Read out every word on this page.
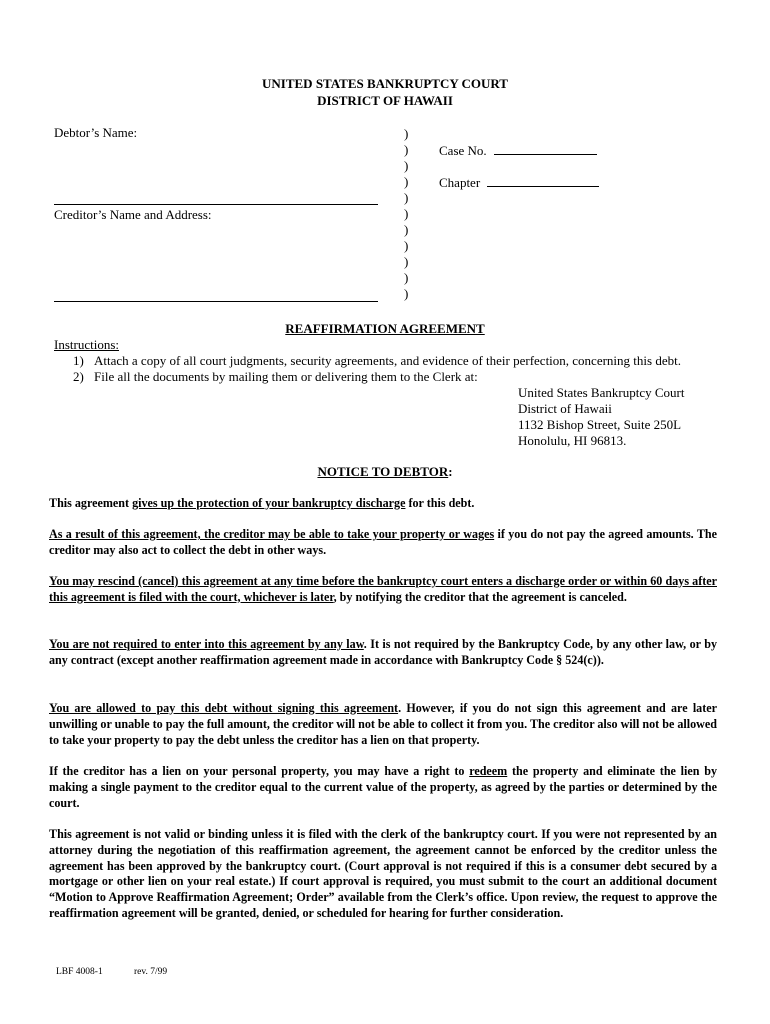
UNITED STATES BANKRUPTCY COURT
DISTRICT OF HAWAII
Debtor’s Name:
Creditor’s Name and Address:
)
)
)
)
)
)
)
)
)
)
)
Case No.
Chapter
REAFFIRMATION AGREEMENT
Instructions:
1) Attach a copy of all court judgments, security agreements, and evidence of their perfection, concerning this debt.
2) File all the documents by mailing them or delivering them to the Clerk at:
United States Bankruptcy Court
District of Hawaii
1132 Bishop Street, Suite 250L
Honolulu, HI 96813.
NOTICE TO DEBTOR:
This agreement gives up the protection of your bankruptcy discharge for this debt.
As a result of this agreement, the creditor may be able to take your property or wages if you do not pay the agreed amounts. The creditor may also act to collect the debt in other ways.
You may rescind (cancel) this agreement at any time before the bankruptcy court enters a discharge order or within 60 days after this agreement is filed with the court, whichever is later, by notifying the creditor that the agreement is canceled.
You are not required to enter into this agreement by any law. It is not required by the Bankruptcy Code, by any other law, or by any contract (except another reaffirmation agreement made in accordance with Bankruptcy Code § 524(c)).
You are allowed to pay this debt without signing this agreement. However, if you do not sign this agreement and are later unwilling or unable to pay the full amount, the creditor will not be able to collect it from you. The creditor also will not be allowed to take your property to pay the debt unless the creditor has a lien on that property.
If the creditor has a lien on your personal property, you may have a right to redeem the property and eliminate the lien by making a single payment to the creditor equal to the current value of the property, as agreed by the parties or determined by the court.
This agreement is not valid or binding unless it is filed with the clerk of the bankruptcy court. If you were not represented by an attorney during the negotiation of this reaffirmation agreement, the agreement cannot be enforced by the creditor unless the agreement has been approved by the bankruptcy court. (Court approval is not required if this is a consumer debt secured by a mortgage or other lien on your real estate.) If court approval is required, you must submit to the court an additional document “Motion to Approve Reaffirmation Agreement; Order” available from the Clerk’s office. Upon review, the request to approve the reaffirmation agreement will be granted, denied, or scheduled for hearing for further consideration.
LBF 4008-1	rev. 7/99
